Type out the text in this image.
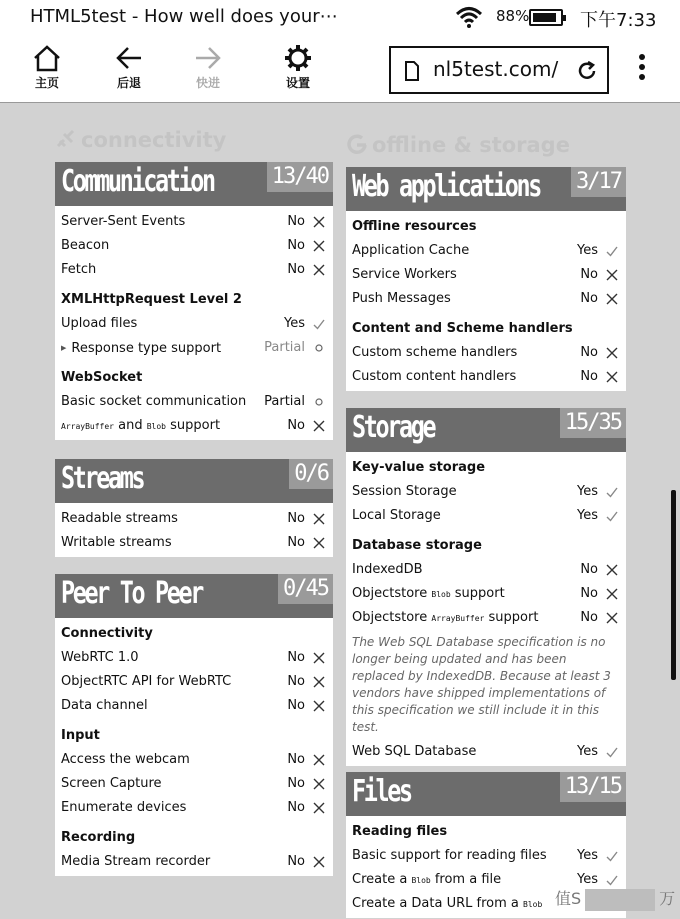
HTML5test - How well does your⋯	88%	下午7:33
主页	后退	快进	设置
ոl5test.com/
connectivity	offline & storage
Communication	13/40
Server-Sent Events	No
Beacon	No
Fetch	No
XMLHttpRequest Level 2
Upload files	Yes
▶ Response type support	Partial
WebSocket
Basic socket communication Partial
ArrayBuffer and Blob support	No
Streams	0/6
Readable streams	No
Writable streams	No
Peer To Peer	0/45
Connectivity
WebRTC 1.0	No
ObjectRTC API for WebRTC	No
Data channel	No
Input
Access the webcam	No
Screen Capture	No
Enumerate devices	No
Recording
Media Stream recorder	No
Web applications 3/17
Offline resources
Application Cache	Yes
Service Workers	No
Push Messages	No
Content and Scheme handlers
Custom scheme handlers	No
Custom content handlers	No
Storage	15/35
Key-value storage
Session Storage	Yes
Local Storage	Yes
Database storage
IndexedDB	No
Objectstore Blob support	No
Objectstore ArrayBuffer support	No
The Web SQL Database specification is no longer being updated and has been replaced by IndexedDB. Because at least 3 vendors have shipped implementations of this specification we still include it in this test.
Web SQL Database	Yes
Files	13/15
Reading files
Basic support for reading files Yes
Create a Blob from a file	Yes
Create a Data URL from a Blob 值S	万
